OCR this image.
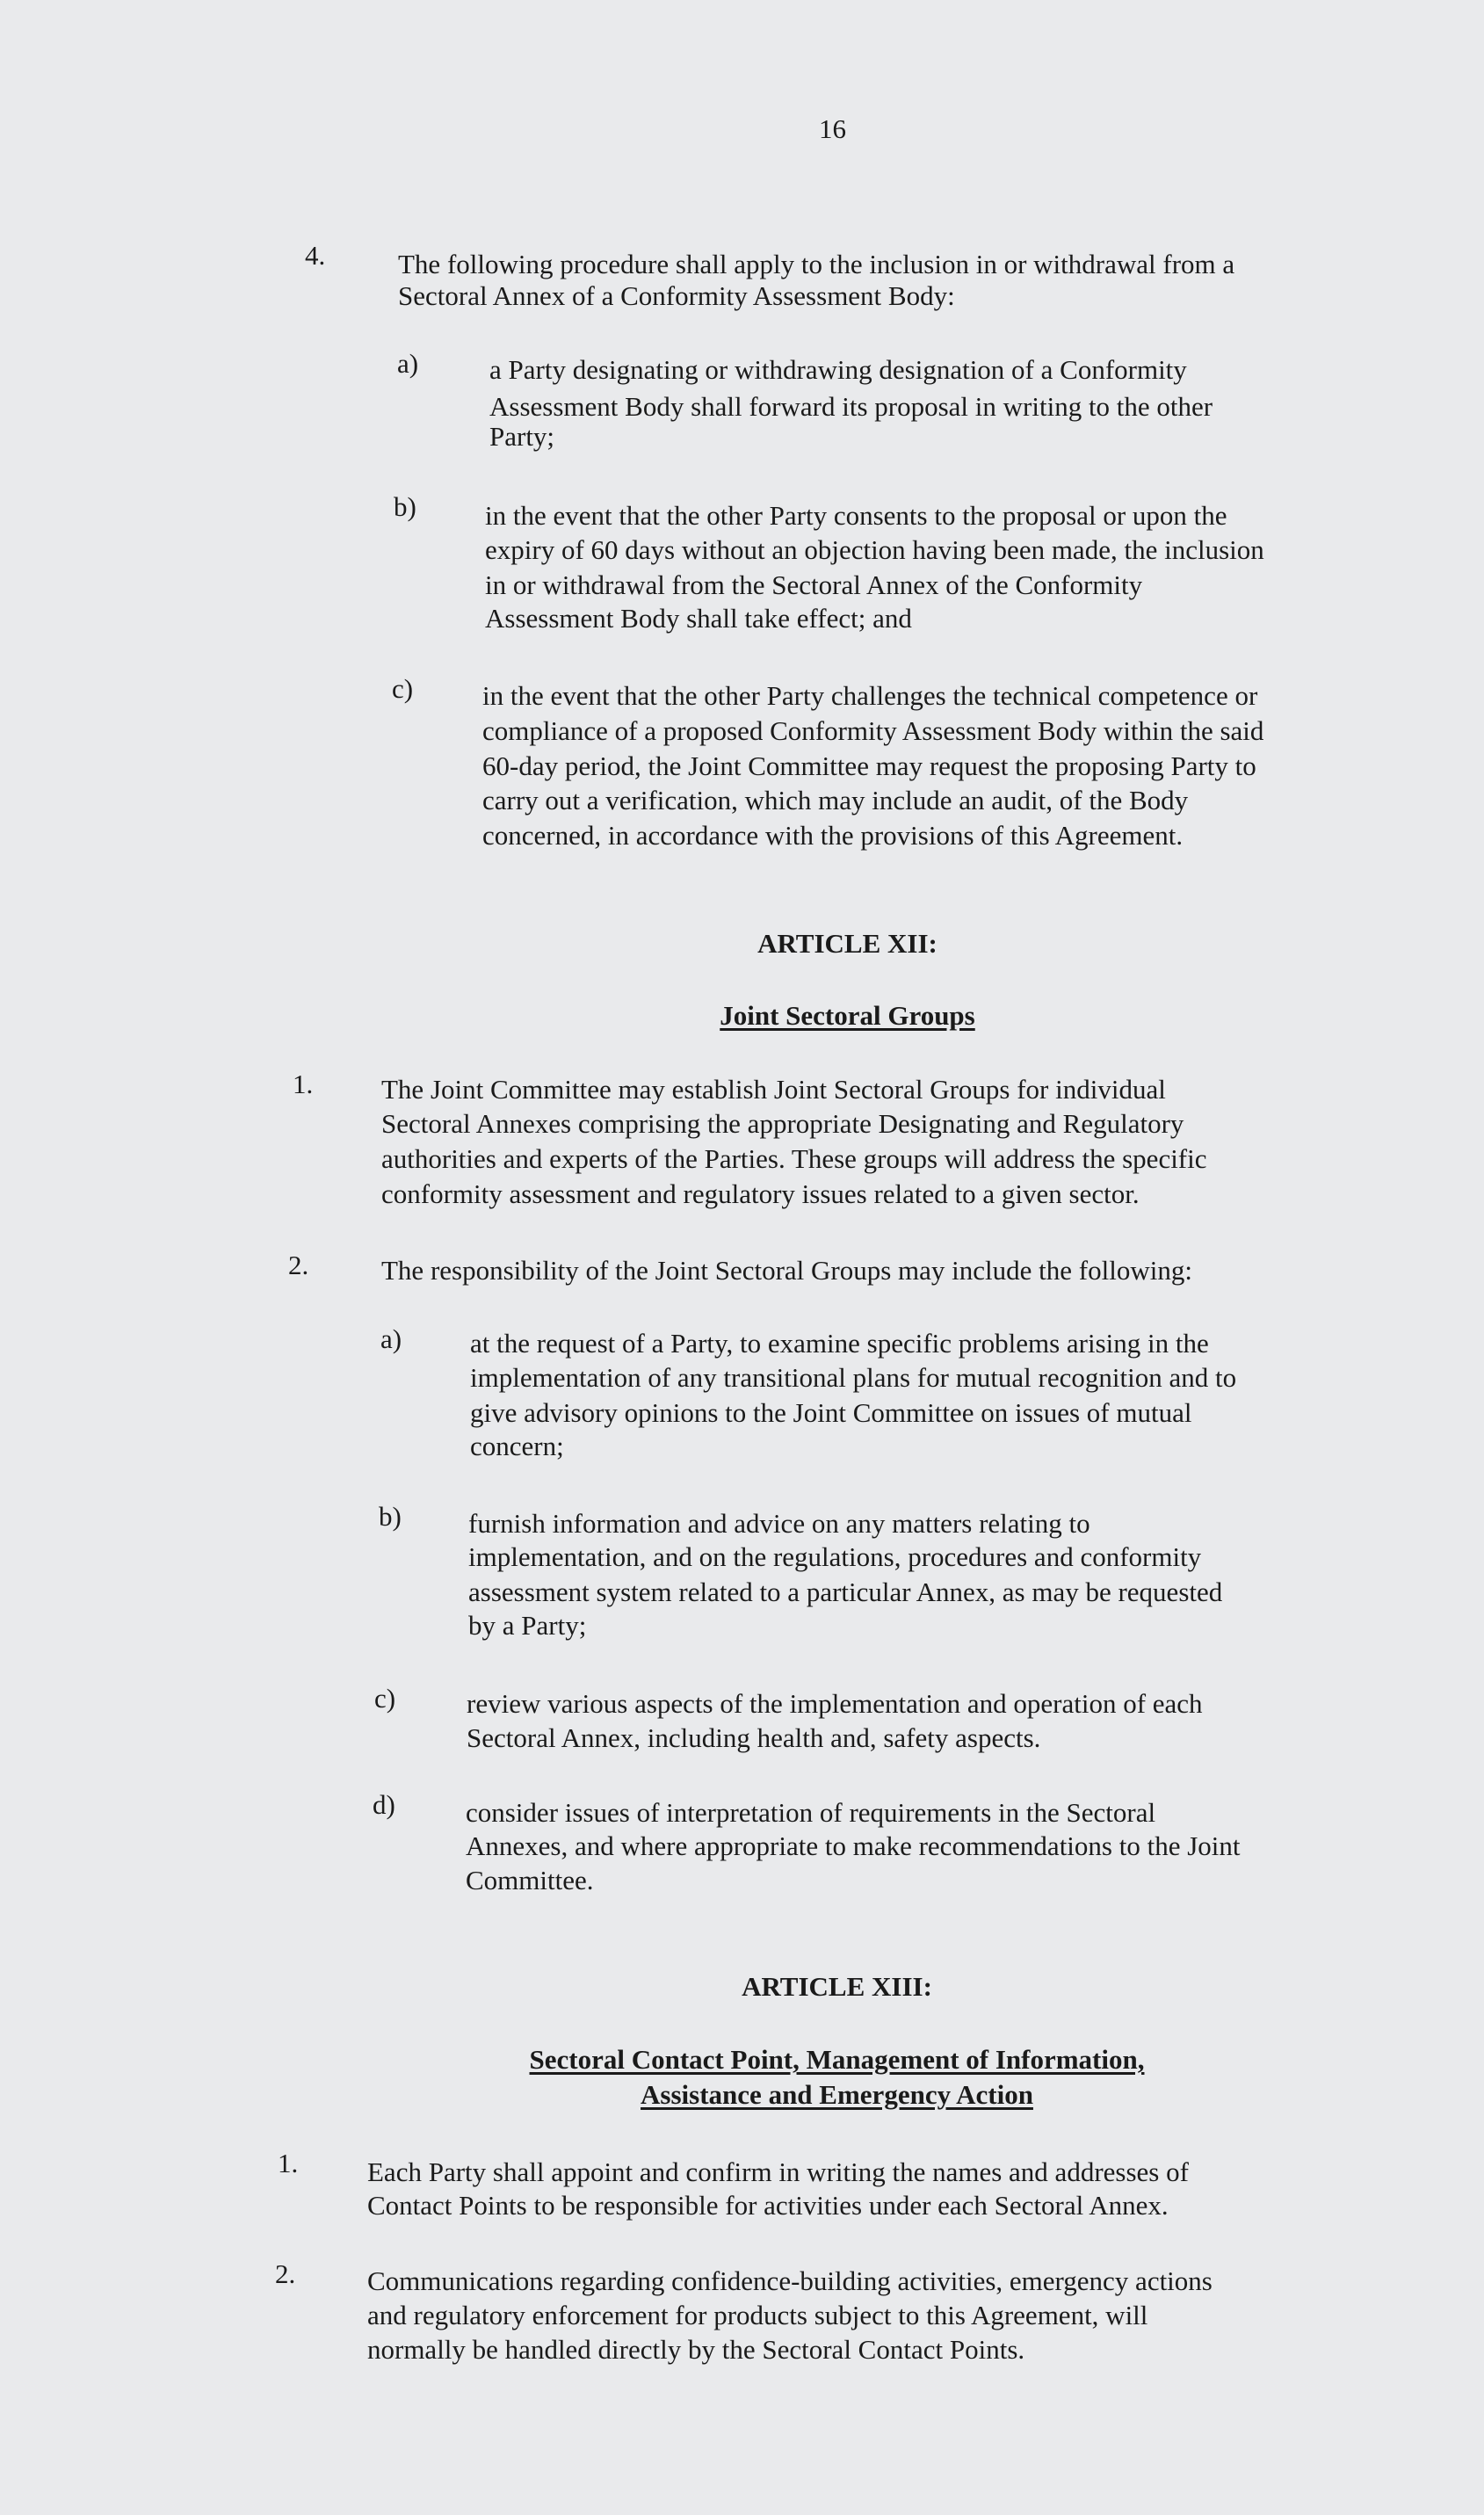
16
4.	The following procedure shall apply to the inclusion in or withdrawal from a
Sectoral Annex of a Conformity Assessment Body:
a)	a Party designating or withdrawing designation of a Conformity
Assessment Body shall forward its proposal in writing to the other
Party;
b)	in the event that the other Party consents to the proposal or upon the
expiry of 60 days without an objection having been made, the inclusion
in or withdrawal from the Sectoral Annex of the Conformity
Assessment Body shall take effect; and
c)	in the event that the other Party challenges the technical competence or
compliance of a proposed Conformity Assessment Body within the said
60-day period, the Joint Committee may request the proposing Party to
carry out a verification, which may include an audit, of the Body
concerned, in accordance with the provisions of this Agreement.
ARTICLE XII:
Joint Sectoral Groups
1.	The Joint Committee may establish Joint Sectoral Groups for individual
Sectoral Annexes comprising the appropriate Designating and Regulatory
authorities and experts of the Parties. These groups will address the specific
conformity assessment and regulatory issues related to a given sector.
2.	The responsibility of the Joint Sectoral Groups may include the following:
a)	at the request of a Party, to examine specific problems arising in the
implementation of any transitional plans for mutual recognition and to
give advisory opinions to the Joint Committee on issues of mutual
concern;
b) furnish information and advice on any matters relating to
implementation, and on the regulations, procedures and conformity
assessment system related to a particular Annex, as may be requested
by a Party;
c)	review various aspects of the implementation and operation of each
Sectoral Annex, including health and, safety aspects.
d)	consider issues of interpretation of requirements in the Sectoral
Annexes, and where appropriate to make recommendations to the Joint
Committee.
ARTICLE XIII:
Sectoral Contact Point, Management of Information,
Assistance and Emergency Action
1.	Each Party shall appoint and confirm in writing the names and addresses of
Contact Points to be responsible for activities under each Sectoral Annex.
2.	Communications regarding confidence-building activities, emergency actions
and regulatory enforcement for products subject to this Agreement, will
normally be handled directly by the Sectoral Contact Points.
